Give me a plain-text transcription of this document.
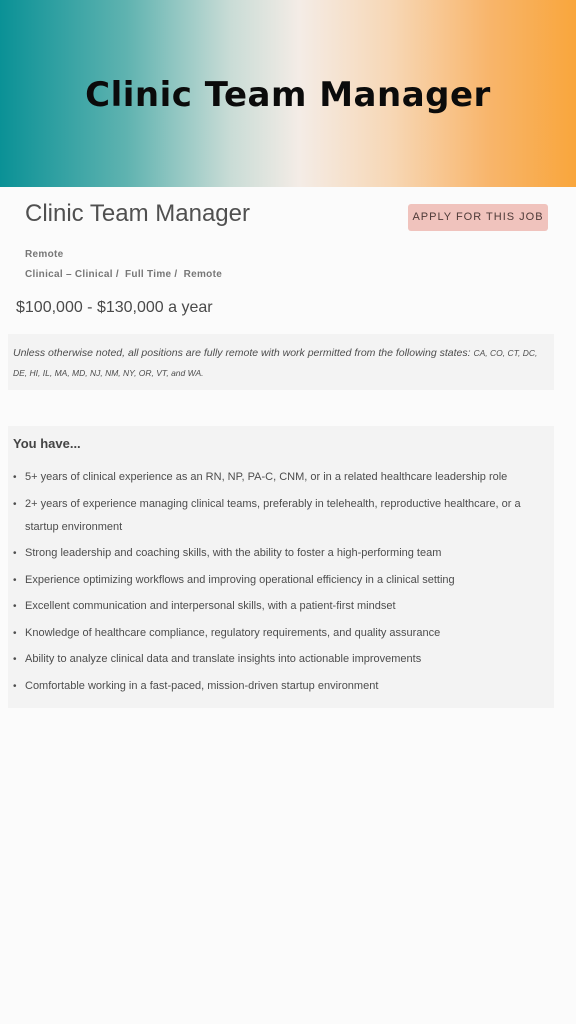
Clinic Team Manager
Clinic Team Manager	APPLY FOR THIS JOB
Remote
Clinical – Clinical / Full Time / Remote
$100,000 - $130,000 a year
Unless otherwise noted, all positions are fully remote with work permitted from the following states: CA, CO, CT, DC, DE, HI, IL, MA, MD, NJ, NM, NY, OR, VT, and WA.
You have...
• 5+ years of clinical experience as an RN, NP, PA-C, CNM, or in a related healthcare leadership role
• 2+ years of experience managing clinical teams, preferably in telehealth, reproductive healthcare, or a startup environment
• Strong leadership and coaching skills, with the ability to foster a high-performing team
• Experience optimizing workflows and improving operational efficiency in a clinical setting
• Excellent communication and interpersonal skills, with a patient-first mindset
• Knowledge of healthcare compliance, regulatory requirements, and quality assurance
• Ability to analyze clinical data and translate insights into actionable improvements
• Comfortable working in a fast-paced, mission-driven startup environment
